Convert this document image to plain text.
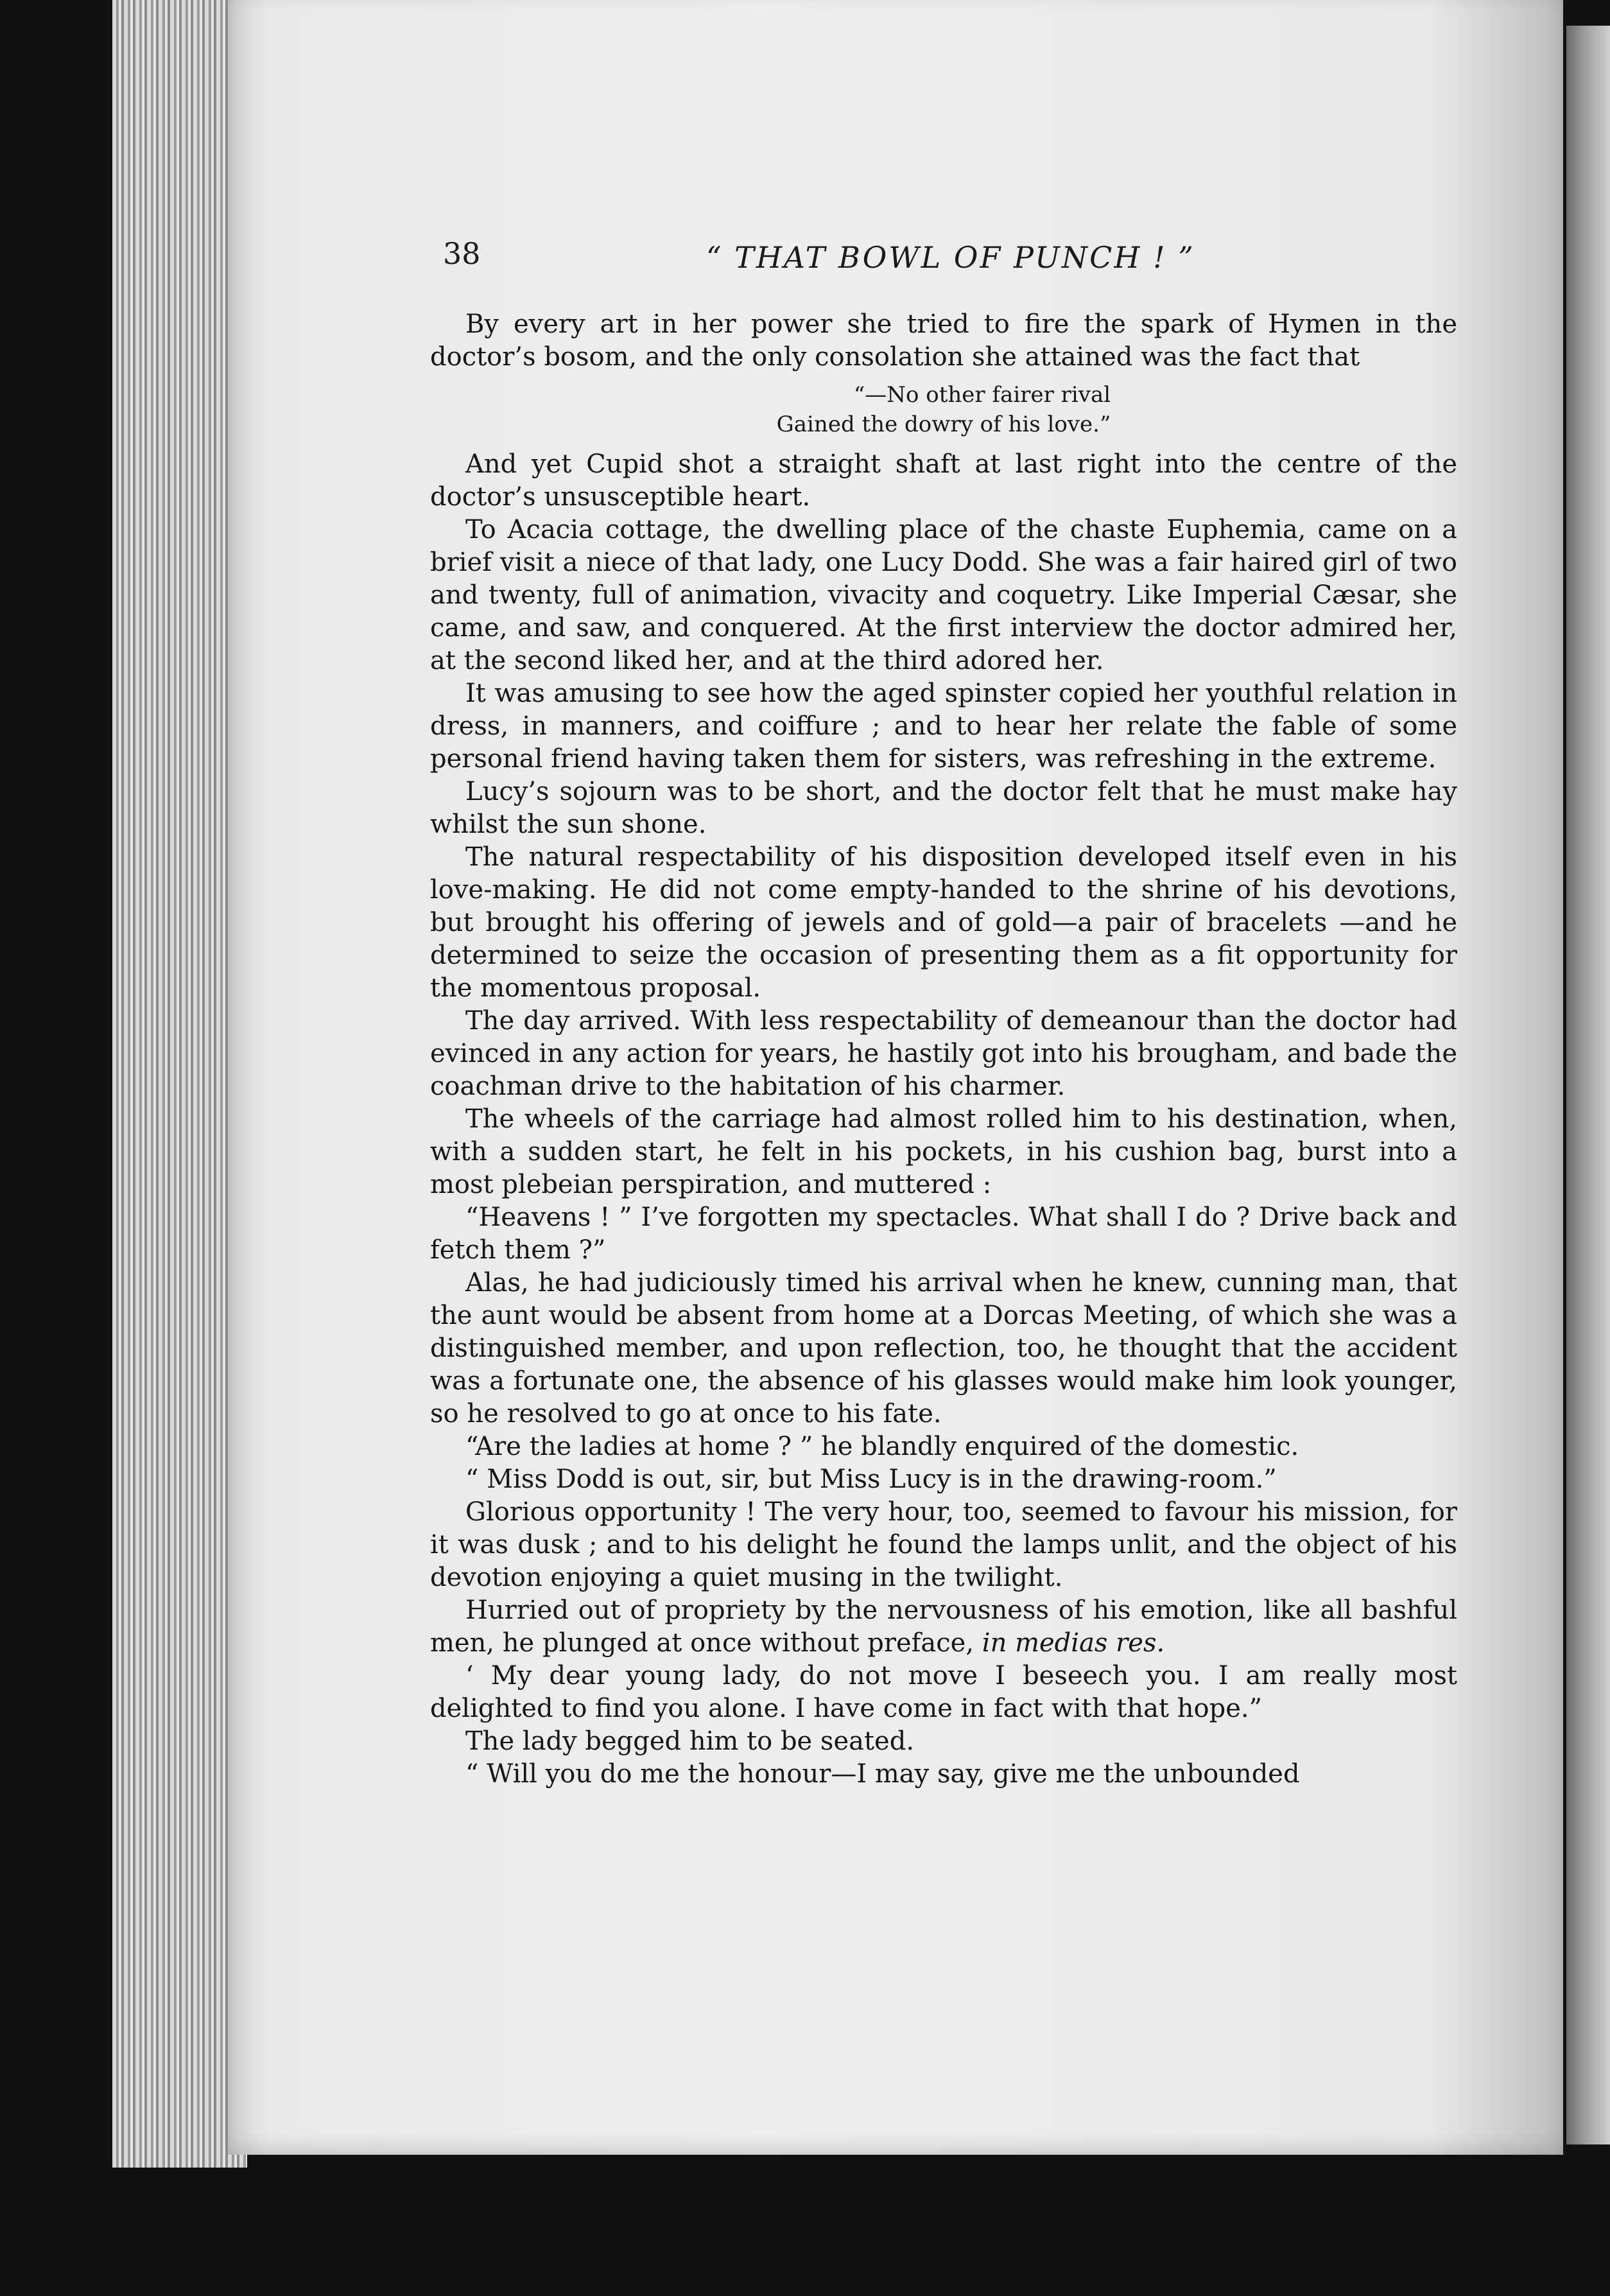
38	“ THAT BOWL OF PUNCH ! ”

By every art in her power she tried to fire the spark of Hymen in the doctor’s bosom, and the only consolation she attained was the fact that

“—No other fairer rival
Gained the dowry of his love.”

And yet Cupid shot a straight shaft at last right into the centre of the doctor’s unsusceptible heart.

To Acacia cottage, the dwelling place of the chaste Euphemia, came on a brief visit a niece of that lady, one Lucy Dodd. She was a fair haired girl of two and twenty, full of animation, vivacity and coquetry. Like Imperial Cæsar, she came, and saw, and conquered. At the first interview the doctor admired her, at the second liked her, and at the third adored her.

It was amusing to see how the aged spinster copied her youthful relation in dress, in manners, and coiffure ; and to hear her relate the fable of some personal friend having taken them for sisters, was refreshing in the extreme.

Lucy’s sojourn was to be short, and the doctor felt that he must make hay whilst the sun shone.

The natural respectability of his disposition developed itself even in his love-making. He did not come empty-handed to the shrine of his devotions, but brought his offering of jewels and of gold—a pair of bracelets —and he determined to seize the occasion of presenting them as a fit opportunity for the momentous proposal.

The day arrived. With less respectability of demeanour than the doctor had evinced in any action for years, he hastily got into his brougham, and bade the coachman drive to the habitation of his charmer.

The wheels of the carriage had almost rolled him to his destination, when, with a sudden start, he felt in his pockets, in his cushion bag, burst into a most plebeian perspiration, and muttered :

“Heavens ! ” I’ve forgotten my spectacles. What shall I do ? Drive back and fetch them ?”

Alas, he had judiciously timed his arrival when he knew, cunning man, that the aunt would be absent from home at a Dorcas Meeting, of which she was a distinguished member, and upon reflection, too, he thought that the accident was a fortunate one, the absence of his glasses would make him look younger, so he resolved to go at once to his fate.

“Are the ladies at home ? ” he blandly enquired of the domestic.

“ Miss Dodd is out, sir, but Miss Lucy is in the drawing-room.”

Glorious opportunity ! The very hour, too, seemed to favour his mission, for it was dusk ; and to his delight he found the lamps unlit, and the object of his devotion enjoying a quiet musing in the twilight.

Hurried out of propriety by the nervousness of his emotion, like all bashful men, he plunged at once without preface, in medias res.

‘ My dear young lady, do not move I beseech you. I am really most delighted to find you alone. I have come in fact with that hope.”

The lady begged him to be seated.

“ Will you do me the honour—I may say, give me the unbounded
